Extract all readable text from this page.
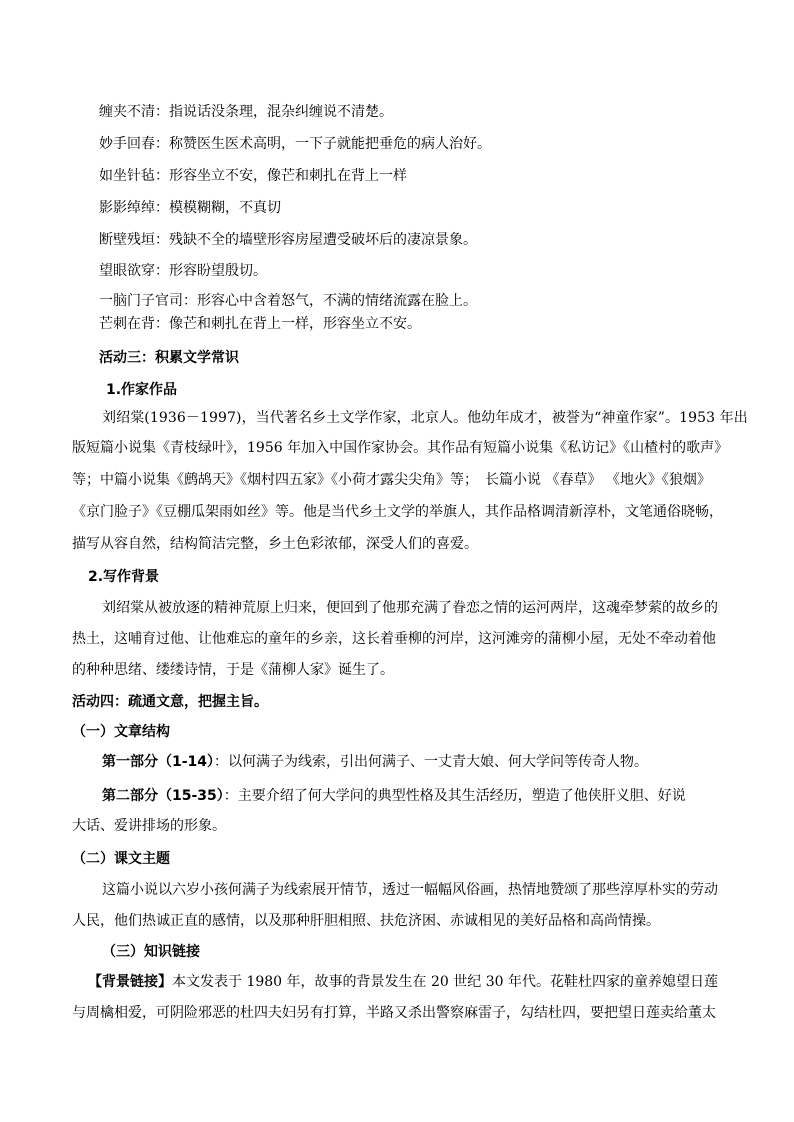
缠夹不清：指说话没条理，混杂纠缠说不清楚。
妙手回春：称赞医生医术高明，一下子就能把垂危的病人治好。
如坐针毡：形容坐立不安，像芒和刺扎在背上一样
影影绰绰：模模糊糊，不真切
断壁残垣：残缺不全的墙壁形容房屋遭受破坏后的凄凉景象。
望眼欲穿：形容盼望殷切。
一脑门子官司：形容心中含着怒气，不满的情绪流露在脸上。
芒刺在背：像芒和刺扎在背上一样，形容坐立不安。
活动三：积累文学常识
1.作家作品
刘绍棠(1936－1997)，当代著名乡土文学作家，北京人。他幼年成才，被誉为“神童作家”。1953 年出
版短篇小说集《青枝绿叶》，1956 年加入中国作家协会。其作品有短篇小说集《私访记》《山楂村的歌声》
等；中篇小说集《鹧鸪天》《烟村四五家》《小荷才露尖尖角》等；　长篇小说 《春草》 《地火》《狼烟》
《京门脸子》《豆棚瓜架雨如丝》等。他是当代乡土文学的举旗人，其作品格调清新淳朴，文笔通俗晓畅，
描写从容自然，结构简洁完整，乡土色彩浓郁，深受人们的喜爱。
2.写作背景
刘绍棠从被放逐的精神荒原上归来，便回到了他那充满了眷恋之情的运河两岸，这魂牵梦萦的故乡的
热土，这哺育过他、让他难忘的童年的乡亲，这长着垂柳的河岸，这河滩旁的蒲柳小屋，无处不牵动着他
的种种思绪、缕缕诗情，于是《蒲柳人家》诞生了。
活动四：疏通文意，把握主旨。
（一）文章结构
第一部分（1-14）：以何满子为线索，引出何满子、一丈青大娘、何大学问等传奇人物。
第二部分（15-35）：主要介绍了何大学问的典型性格及其生活经历，塑造了他侠肝义胆、好说
大话、爱讲排场的形象。
（二）课文主题
这篇小说以六岁小孩何满子为线索展开情节，透过一幅幅风俗画，热情地赞颂了那些淳厚朴实的劳动
人民，他们热诚正直的感情，以及那种肝胆相照、扶危济困、赤诚相见的美好品格和高尚情操。
（三）知识链接
【背景链接】本文发表于 1980 年，故事的背景发生在 20 世纪 30 年代。花鞋杜四家的童养媳望日莲
与周檎相爱，可阴险邪恶的杜四夫妇另有打算，半路又杀出警察麻雷子，勾结杜四，要把望日莲卖给董太
